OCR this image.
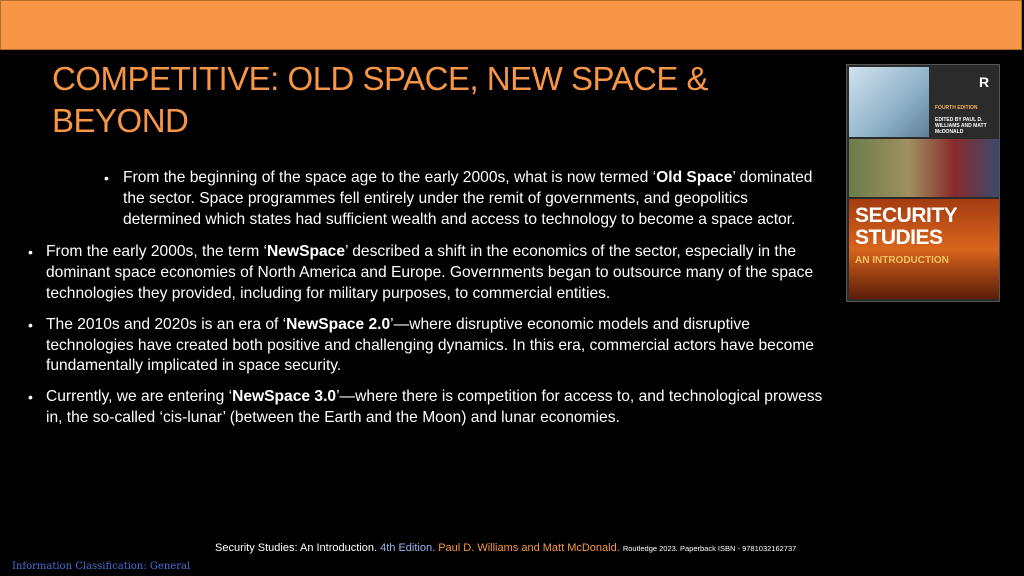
COMPETITIVE: OLD SPACE, NEW SPACE & BEYOND
• From the beginning of the space age to the early 2000s, what is now termed ‘Old Space’ dominated the sector. Space programmes fell entirely under the remit of governments, and geopolitics determined which states had sufficient wealth and access to technology to become a space actor.
• From the early 2000s, the term ‘NewSpace’ described a shift in the economics of the sector, especially in the dominant space economies of North America and Europe. Governments began to outsource many of the space technologies they provided, including for military purposes, to commercial entities.
• The 2010s and 2020s is an era of ‘NewSpace 2.0’—where disruptive economic models and disruptive technologies have created both positive and challenging dynamics. In this era, commercial actors have become fundamentally implicated in space security.
• Currently, we are entering ‘NewSpace 3.0’—where there is competition for access to, and technological prowess in, the so-called ‘cis-lunar’ (between the Earth and the Moon) and lunar economies.
R
FOURTH EDITION
EDITED BY PAUL D. WILLIAMS AND MATT McDONALD
SECURITY
STUDIES
AN INTRODUCTION
Security Studies: An Introduction. 4th Edition. Paul D. Williams and Matt McDonald. Routledge 2023. Paperback ISBN - 9781032162737
Information Classification: General
